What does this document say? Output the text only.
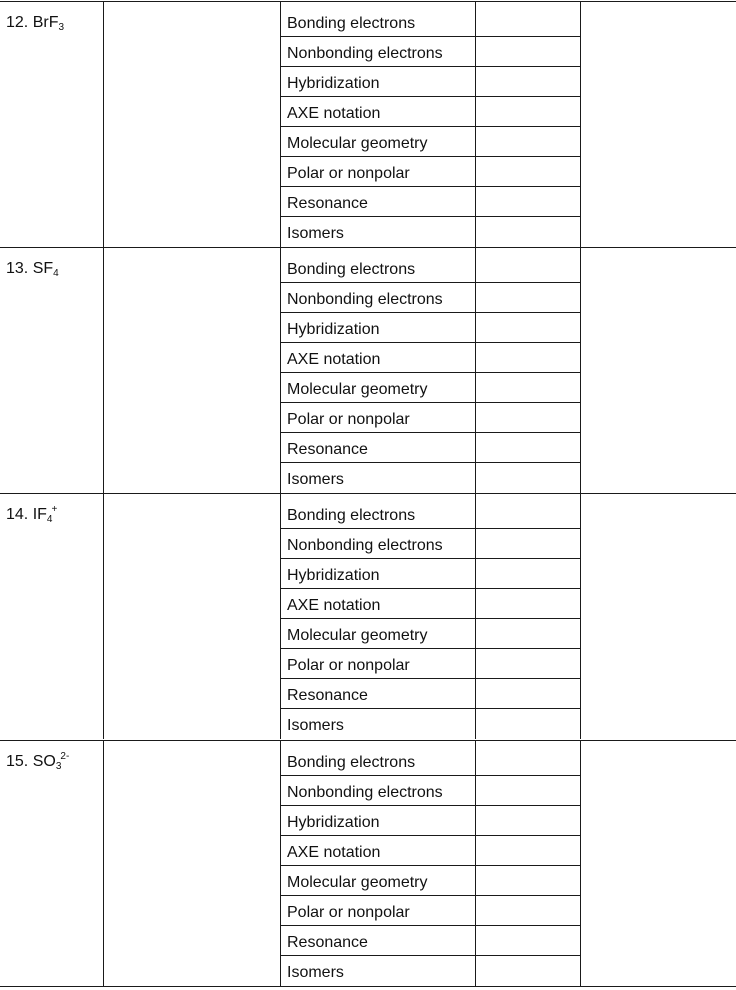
12. BrF$_3$	Bonding electrons
Nonbonding electrons
Hybridization
AXE notation
Molecular geometry
Polar or nonpolar
Resonance
Isomers
13. $SF_4$	Bonding electrons
Nonbonding electrons
Hybridization
AXE notation
Molecular geometry
Polar or nonpolar
Resonance
Isomers
14. $IF_4^+$	Bonding electrons
Nonbonding electrons
Hybridization
AXE notation
Molecular geometry
Polar or nonpolar
Resonance
Isomers
15. $SO_3^{2-}$	Bonding electrons
Nonbonding electrons
Hybridization
AXE notation
Molecular geometry
Polar or nonpolar
Resonance
Isomers
